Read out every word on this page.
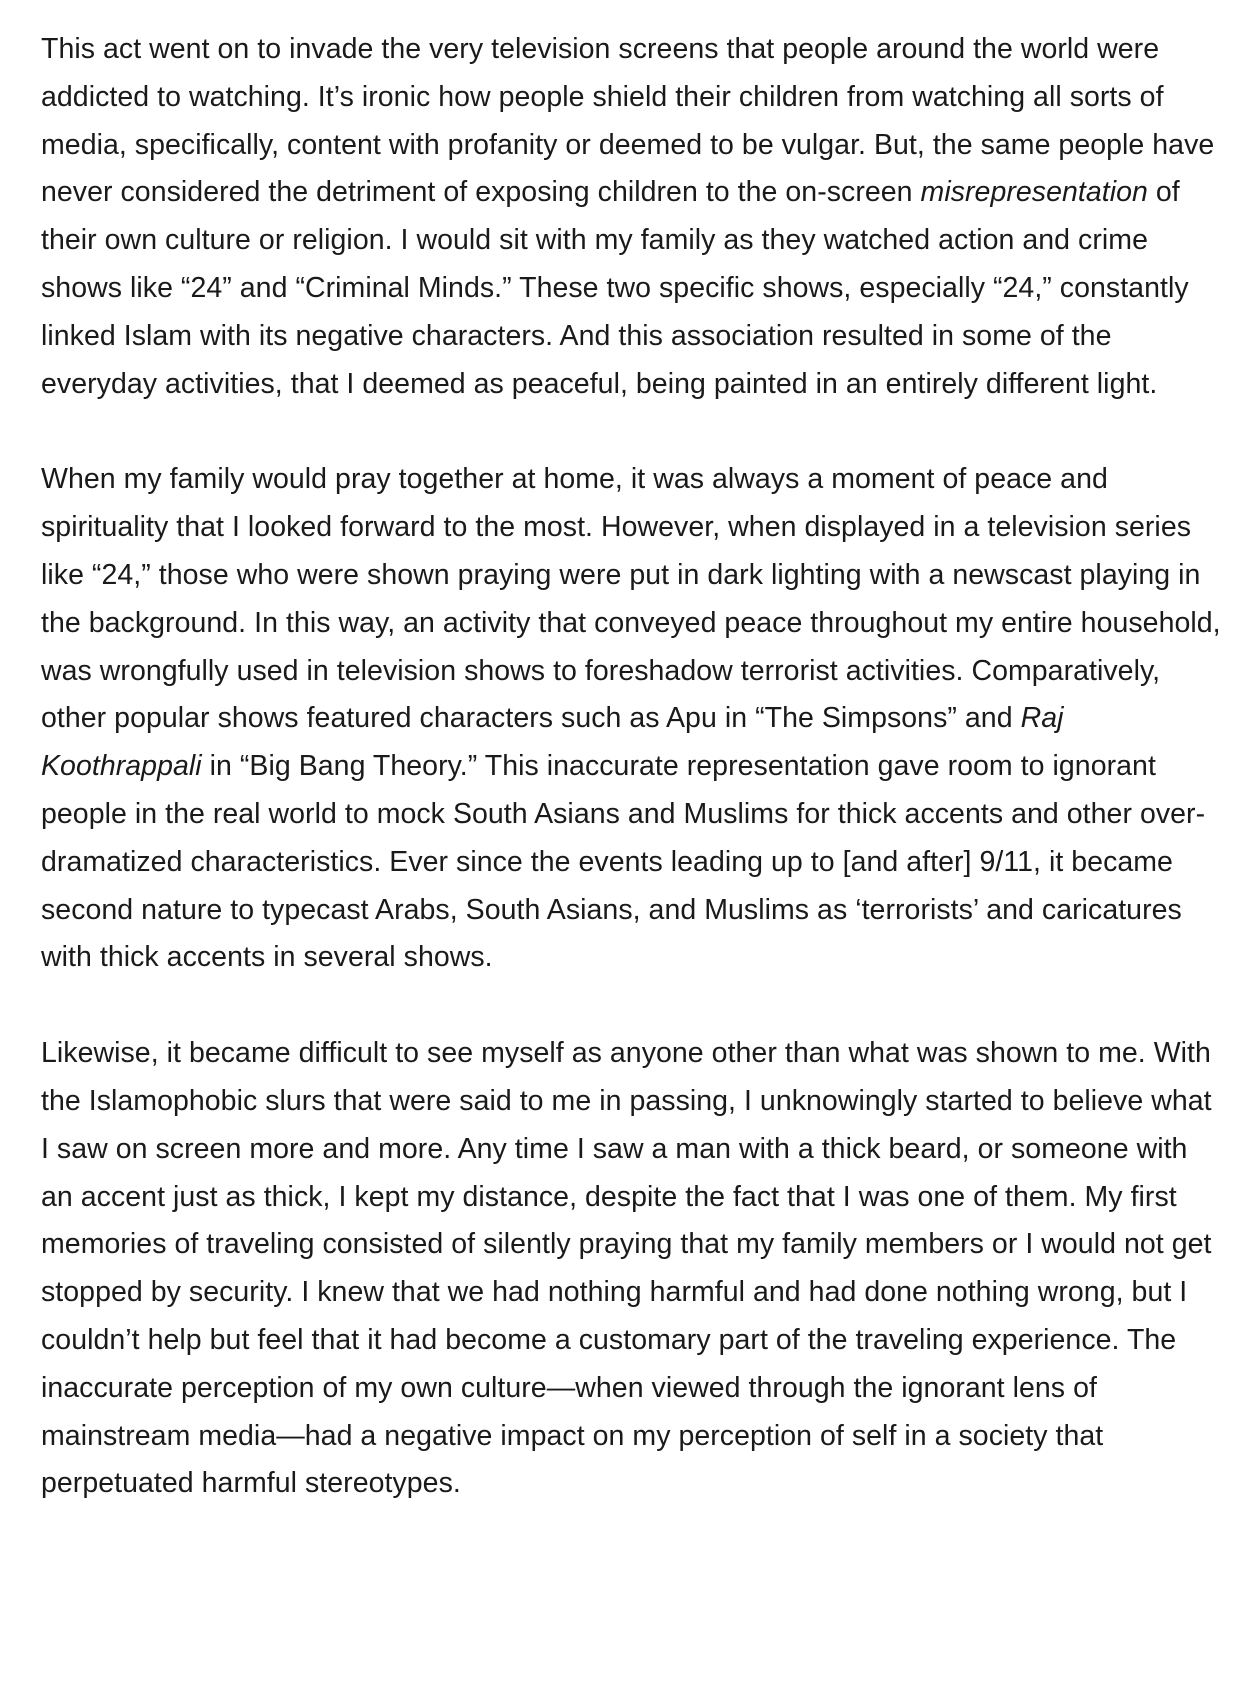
This act went on to invade the very television screens that people around the world were addicted to watching. It’s ironic how people shield their children from watching all sorts of media, specifically, content with profanity or deemed to be vulgar. But, the same people have never considered the detriment of exposing children to the on-screen misrepresentation of their own culture or religion. I would sit with my family as they watched action and crime shows like “24” and “Criminal Minds.” These two specific shows, especially “24,” constantly linked Islam with its negative characters. And this association resulted in some of the everyday activities, that I deemed as peaceful, being painted in an entirely different light.

When my family would pray together at home, it was always a moment of peace and spirituality that I looked forward to the most. However, when displayed in a television series like “24,” those who were shown praying were put in dark lighting with a newscast playing in the background. In this way, an activity that conveyed peace throughout my entire household, was wrongfully used in television shows to foreshadow terrorist activities. Comparatively, other popular shows featured characters such as Apu in “The Simpsons” and Raj Koothrappali in “Big Bang Theory.” This inaccurate representation gave room to ignorant people in the real world to mock South Asians and Muslims for thick accents and other over-dramatized characteristics. Ever since the events leading up to [and after] 9/11, it became second nature to typecast Arabs, South Asians, and Muslims as ‘terrorists’ and caricatures with thick accents in several shows.

Likewise, it became difficult to see myself as anyone other than what was shown to me. With the Islamophobic slurs that were said to me in passing, I unknowingly started to believe what I saw on screen more and more. Any time I saw a man with a thick beard, or someone with an accent just as thick, I kept my distance, despite the fact that I was one of them. My first memories of traveling consisted of silently praying that my family members or I would not get stopped by security. I knew that we had nothing harmful and had done nothing wrong, but I couldn’t help but feel that it had become a customary part of the traveling experience. The inaccurate perception of my own culture—when viewed through the ignorant lens of mainstream media—had a negative impact on my perception of self in a society that perpetuated harmful stereotypes.
